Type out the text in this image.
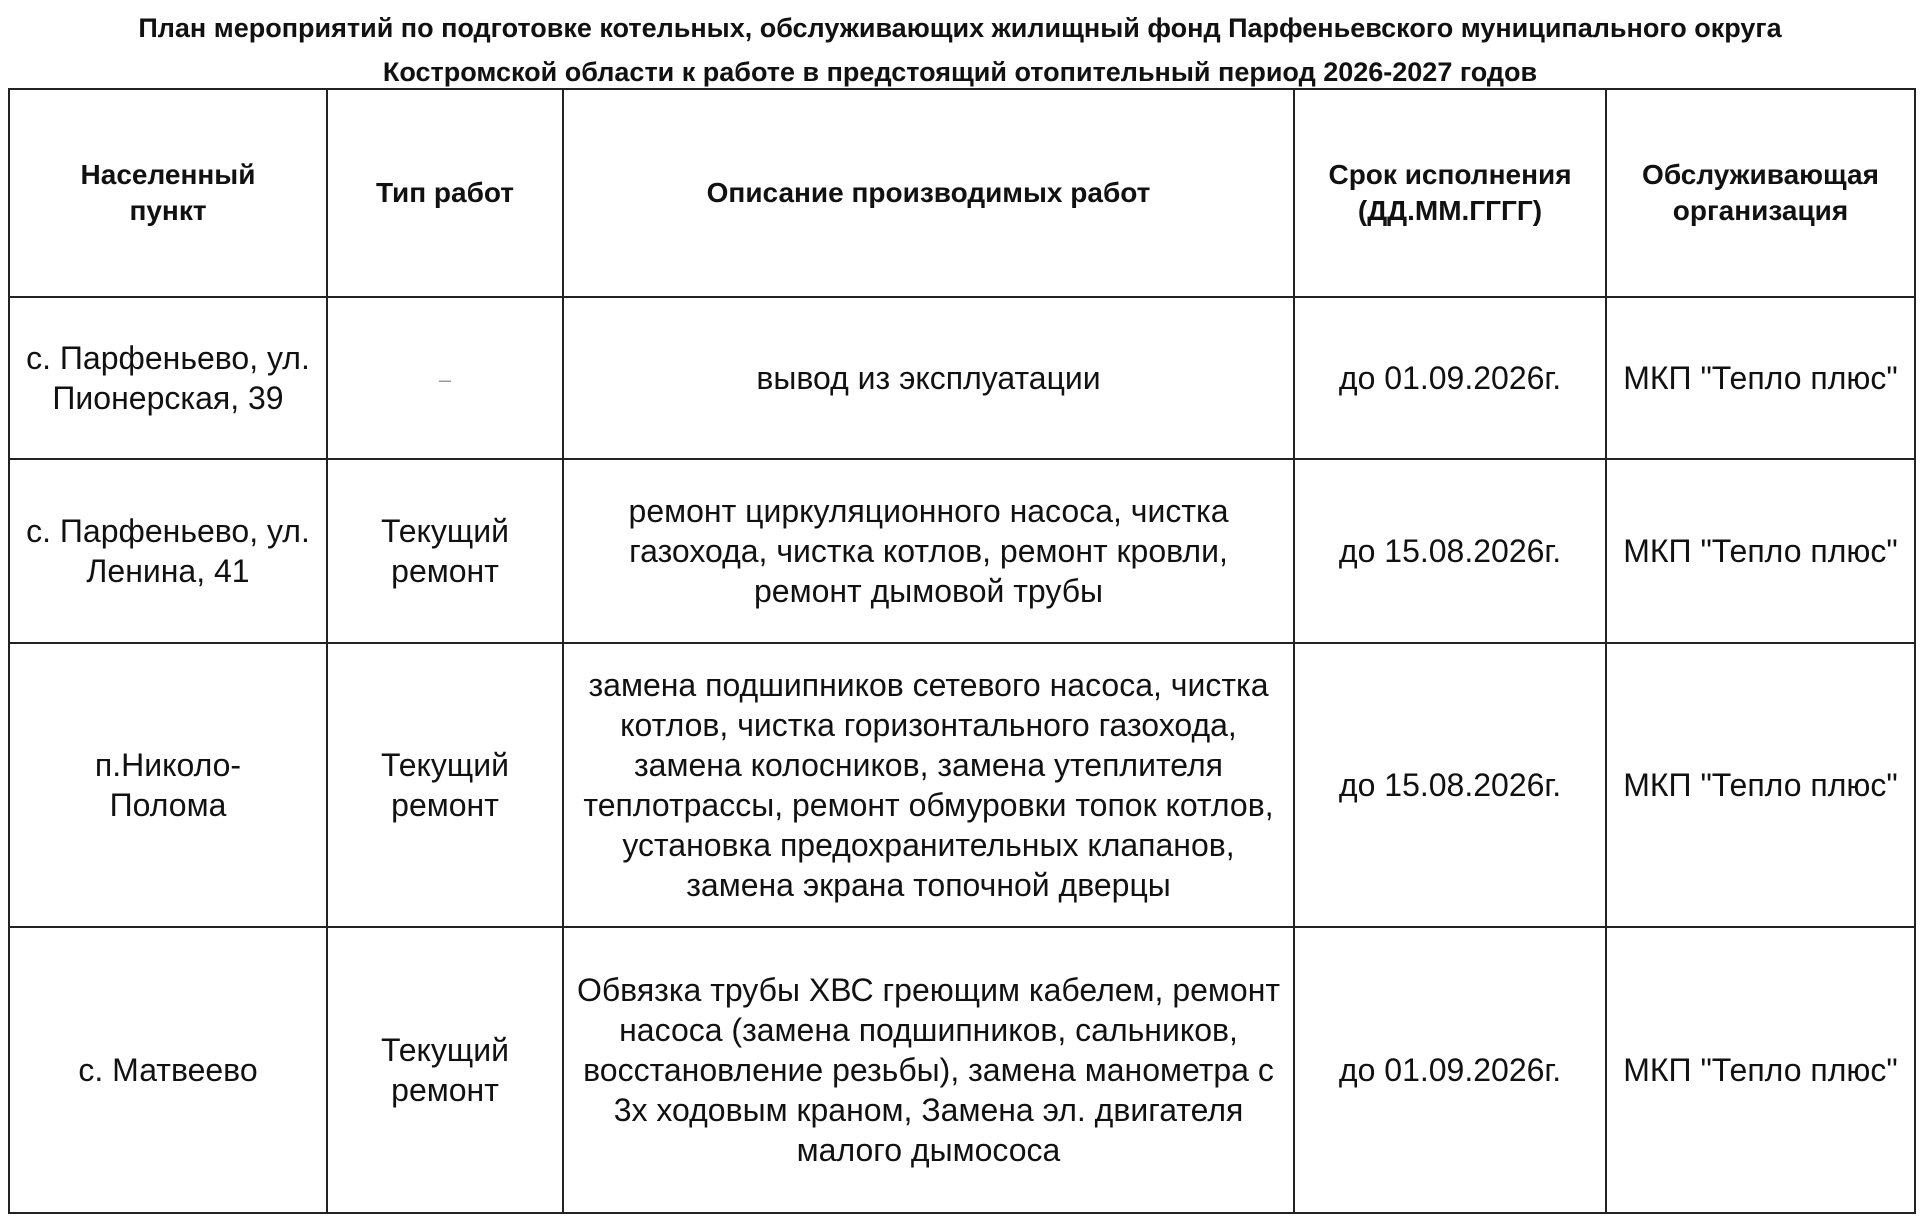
План мероприятий по подготовке котельных, обслуживающих жилищный фонд Парфеньевского муниципального округа
Костромской области к работе в предстоящий отопительный период 2026-2027 годов
Населенный пункт	Тип работ	Описание производимых работ	Срок исполнения (ДД.ММ.ГГГГ)	Обслуживающая организация
с. Парфеньево, ул. Пионерская, 39	–	вывод из эксплуатации	до 01.09.2026г.	МКП "Тепло плюс"
с. Парфеньево, ул. Ленина, 41	Текущий ремонт	ремонт циркуляционного насоса, чистка газохода, чистка котлов, ремонт кровли, ремонт дымовой трубы	до 15.08.2026г.	МКП "Тепло плюс"
п.Николо-Полома	Текущий ремонт	замена подшипников сетевого насоса, чистка котлов, чистка горизонтального газохода, замена колосников, замена утеплителя теплотрассы, ремонт обмуровки топок котлов, установка предохранительных клапанов, замена экрана топочной дверцы	до 15.08.2026г.	МКП "Тепло плюс"
с. Матвеево	Текущий ремонт	Обвязка трубы ХВС греющим кабелем, ремонт насоса (замена подшипников, сальников, восстановление резьбы), замена манометра с 3х ходовым краном, Замена эл. двигателя малого дымососа	до 01.09.2026г.	МКП "Тепло плюс"
